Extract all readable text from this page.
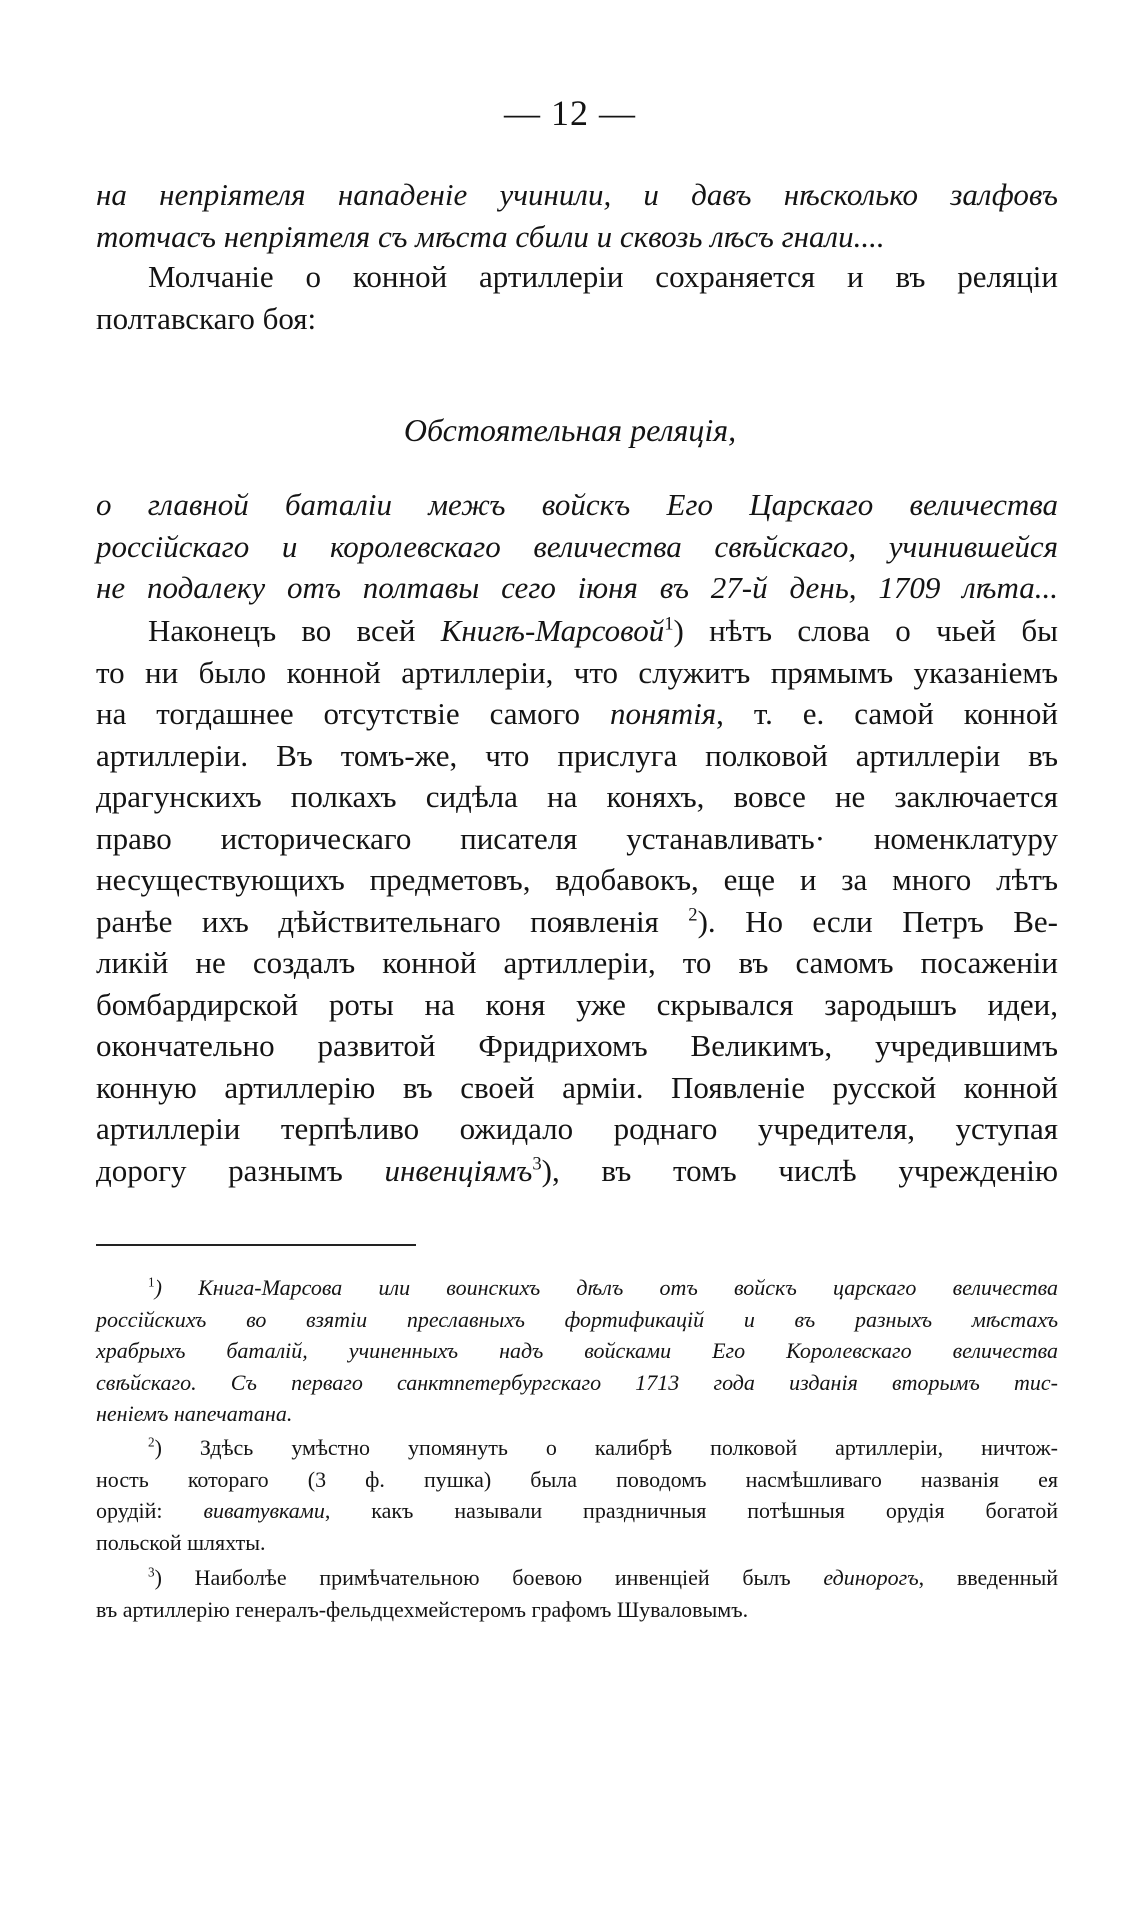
— 12 —
на непріятеля нападеніе учинили, и давъ нѣсколько залфовъ
тотчасъ непріятеля съ мѣста сбили и сквозь лѣсъ гнали....
Молчаніе о конной артиллеріи сохраняется и въ реляціи
полтавскаго боя:
Обстоятельная реляція,
о главной баталіи межъ войскъ Его Царскаго величества
россійскаго и королевскаго величества свѣйскаго, учинившейся
не подалеку отъ полтавы сего іюня въ 27-й день, 1709 лѣта...
Наконецъ во всей Книгѣ-Марсовой$^1$) нѣтъ слова о чьей бы
то ни было конной артиллеріи, что служитъ прямымъ указаніемъ
на тогдашнее отсутствіе самого понятія, т. е. самой конной
артиллеріи. Въ томъ-же, что прислуга полковой артиллеріи въ
драгунскихъ полкахъ сидѣла на коняхъ, вовсе не заключается
право историческаго писателя устанавливать· номенклатуру
несуществующихъ предметовъ, вдобавокъ, еще и за много лѣтъ
ранѣе ихъ дѣйствительнаго появленія $^2$). Но если Петръ Ве-
ликій не создалъ конной артиллеріи, то въ самомъ посаженіи
бомбардирской роты на коня уже скрывался зародышъ идеи,
окончательно развитой Фридрихомъ Великимъ, учредившимъ
конную артиллерію въ своей арміи. Появленіе русской конной
артиллеріи терпѣливо ожидало роднаго учредителя, уступая
дорогу разнымъ инвенціямъ$^3$), въ томъ числѣ учрежденію
$^1$) Книга-Марсова или воинскихъ дѣлъ отъ войскъ царскаго величества
россійскихъ во взятіи преславныхъ фортификацій и въ разныхъ мѣстахъ
храбрыхъ баталій, учиненныхъ надъ войсками Его Королевскаго величества
свѣйскаго. Съ перваго санктпетербургскаго 1713 года изданія вторымъ тис-
неніемъ напечатана.
$^2$) Здѣсь умѣстно упомянуть о калибрѣ полковой артиллеріи, ничтож-
ность котораго (3 ф. пушка) была поводомъ насмѣшливаго названія ея
орудій: виватувками, какъ называли праздничныя потѣшныя орудія богатой
польской шляхты.
$^3$) Наиболѣе примѣчательною боевою инвенціей былъ единорогъ, введенный
въ артиллерію генералъ-фельдцехмейстеромъ графомъ Шуваловымъ.
